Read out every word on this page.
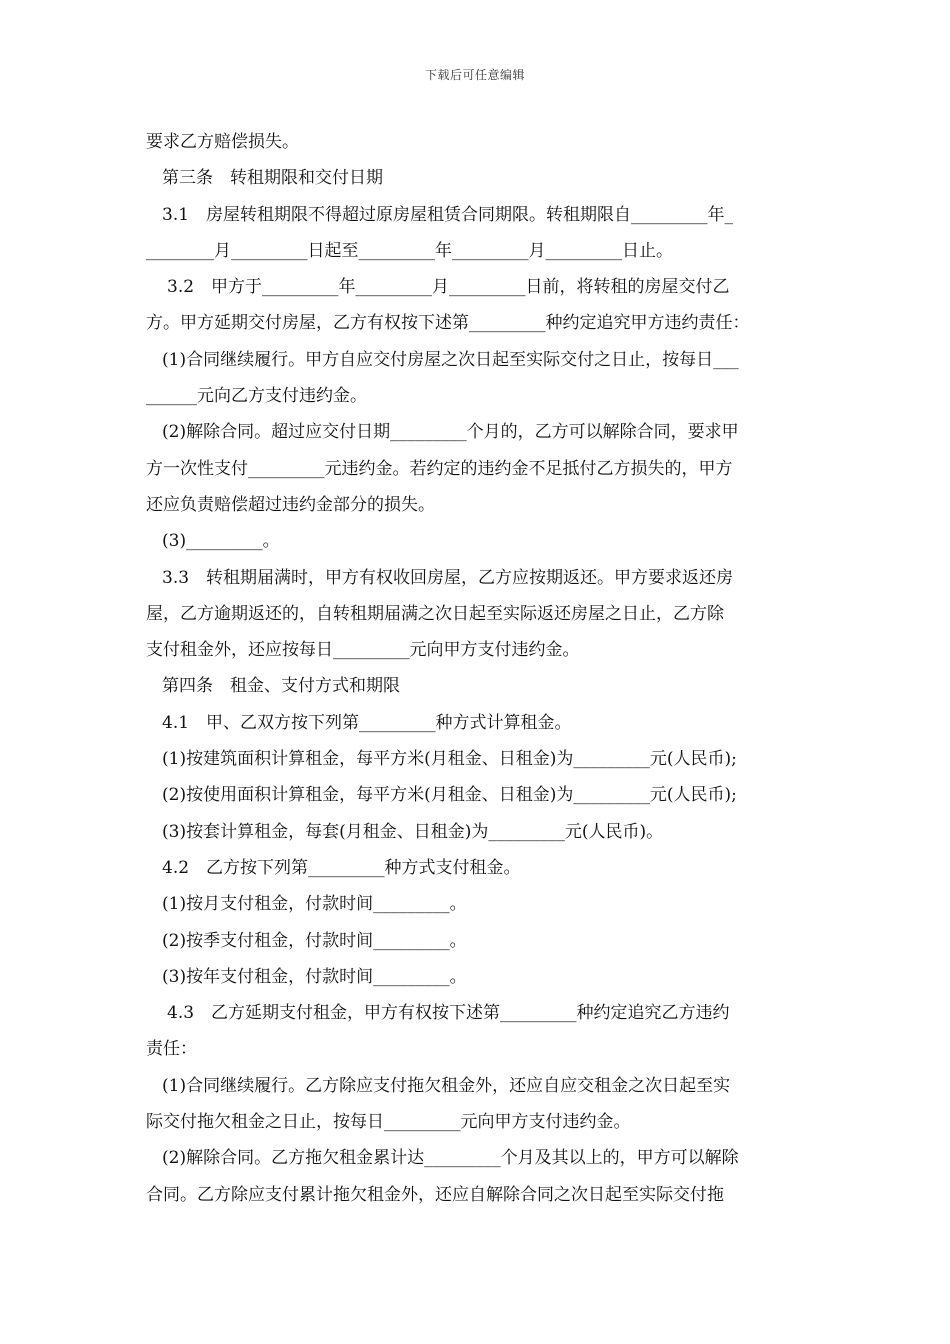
下载后可任意编辑
要求乙方赔偿损失。
第三条　转租期限和交付日期
3.1　房屋转租期限不得超过原房屋租赁合同期限。转租期限自_________年_
________月_________日起至_________年_________月_________日止。
3.2　甲方于_________年_________月_________日前，将转租的房屋交付乙
方。甲方延期交付房屋，乙方有权按下述第_________种约定追究甲方违约责任：
(1)合同继续履行。甲方自应交付房屋之次日起至实际交付之日止，按每日___
______元向乙方支付违约金。
(2)解除合同。超过应交付日期_________个月的，乙方可以解除合同，要求甲
方一次性支付_________元违约金。若约定的违约金不足抵付乙方损失的，甲方
还应负责赔偿超过违约金部分的损失。
(3)_________。
3.3　转租期届满时，甲方有权收回房屋，乙方应按期返还。甲方要求返还房
屋，乙方逾期返还的，自转租期届满之次日起至实际返还房屋之日止，乙方除
支付租金外，还应按每日_________元向甲方支付违约金。
第四条　租金、支付方式和期限
4.1　甲、乙双方按下列第_________种方式计算租金。
(1)按建筑面积计算租金，每平方米(月租金、日租金)为_________元(人民币);
(2)按使用面积计算租金，每平方米(月租金、日租金)为_________元(人民币);
(3)按套计算租金，每套(月租金、日租金)为_________元(人民币)。
4.2　乙方按下列第_________种方式支付租金。
(1)按月支付租金，付款时间_________。
(2)按季支付租金，付款时间_________。
(3)按年支付租金，付款时间_________。
4.3　乙方延期支付租金，甲方有权按下述第_________种约定追究乙方违约
责任：
(1)合同继续履行。乙方除应支付拖欠租金外，还应自应交租金之次日起至实
际交付拖欠租金之日止，按每日_________元向甲方支付违约金。
(2)解除合同。乙方拖欠租金累计达_________个月及其以上的，甲方可以解除
合同。乙方除应支付累计拖欠租金外，还应自解除合同之次日起至实际交付拖
